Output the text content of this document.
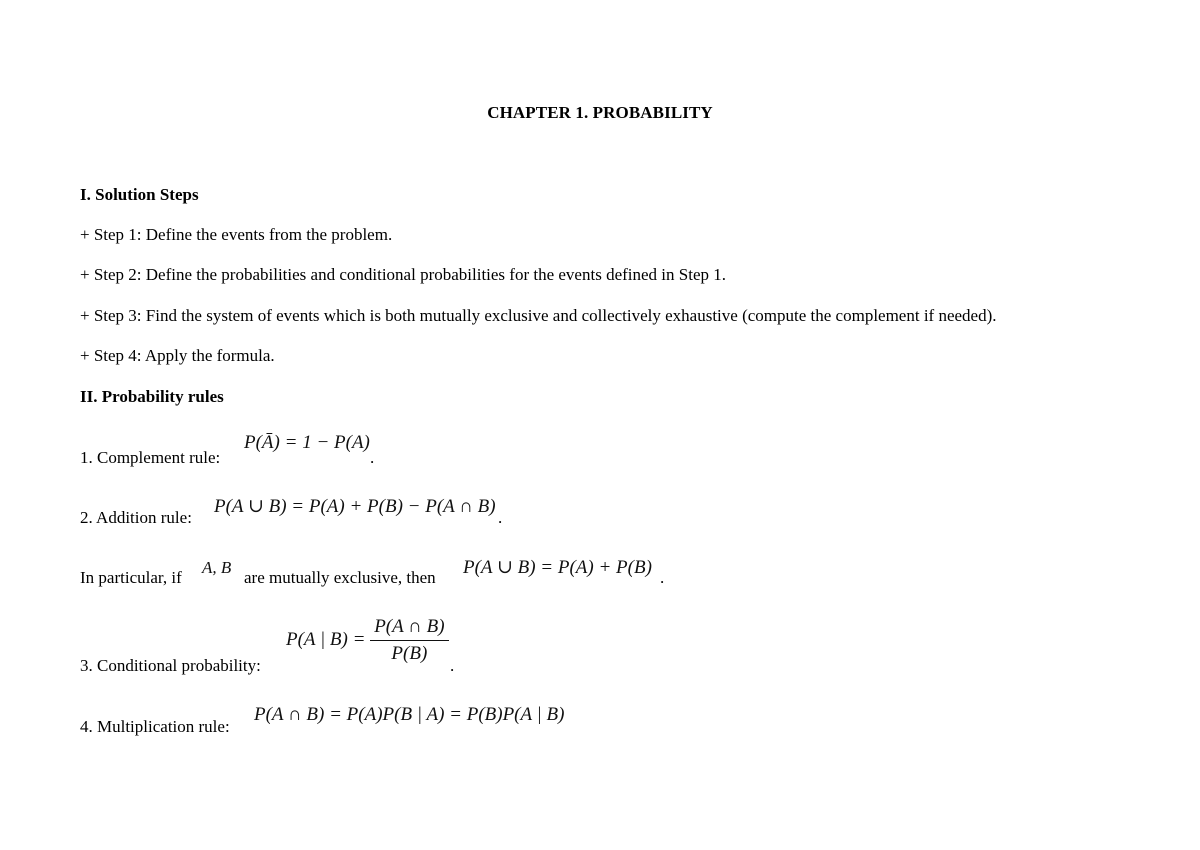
CHAPTER 1. PROBABILITY
I. Solution Steps
+ Step 1: Define the events from the problem.
+ Step 2: Define the probabilities and conditional probabilities for the events defined in Step 1.
+ Step 3: Find the system of events which is both mutually exclusive and collectively exhaustive (compute the complement if needed).
+ Step 4: Apply the formula.
II. Probability rules
1. Complement rule:
P(Ā) = 1 − P(A)
.
2. Addition rule:
P(A ∪ B) = P(A) + P(B) − P(A ∩ B)
.
In particular, if
A, B
are mutually exclusive, then P(A ∪ B) = P(A) + P(B) .
3. Conditional probability:
P(A | $B) = \frac{P(A \cap B)}{P(B)}$
.
4. Multiplication rule:
P(A ∩ B) = P(A)P(B | A) = P(B)P(A | B)
